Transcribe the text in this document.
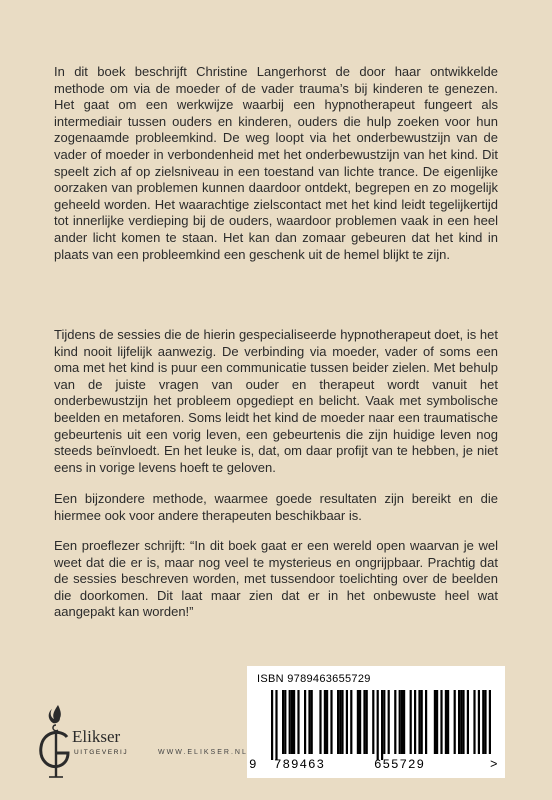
In dit boek beschrijft Christine Langerhorst de door haar ontwikkelde methode om via de moeder of de vader trauma’s bij kinderen te genezen. Het gaat om een werkwijze waarbij een hypnotherapeut fungeert als intermediair tussen ouders en kinderen, ouders die hulp zoeken voor hun zogenaamde probleemkind. De weg loopt via het onderbewustzijn van de vader of moeder in verbondenheid met het onderbewustzijn van het kind. Dit speelt zich af op zielsniveau in een toestand van lichte trance. De eigenlijke oorzaken van problemen kunnen daardoor ontdekt, begrepen en zo mogelijk geheeld worden. Het waarachtige zielscontact met het kind leidt tegelijkertijd tot innerlijke verdieping bij de ouders, waardoor problemen vaak in een heel ander licht komen te staan. Het kan dan zomaar gebeuren dat het kind in plaats van een probleemkind een geschenk uit de hemel blijkt te zijn.

Tijdens de sessies die de hierin gespecialiseerde hypnotherapeut doet, is het kind nooit lijfelijk aanwezig. De verbinding via moeder, vader of soms een oma met het kind is puur een communicatie tussen beider zielen. Met behulp van de juiste vragen van ouder en therapeut wordt vanuit het onderbewustzijn het probleem opgediept en belicht. Vaak met symbolische beelden en metaforen. Soms leidt het kind de moeder naar een traumatische gebeurtenis uit een vorig leven, een gebeurtenis die zijn huidige leven nog steeds beïnvloedt. En het leuke is, dat, om daar profijt van te hebben, je niet eens in vorige levens hoeft te geloven.

Een bijzondere methode, waarmee goede resultaten zijn bereikt en die hiermee ook voor andere therapeuten beschikbaar is.

Een proeflezer schrijft: “In dit boek gaat er een wereld open waarvan je wel weet dat die er is, maar nog veel te mysterieus en ongrijpbaar. Prachtig dat de sessies beschreven worden, met tussendoor toelichting over de beelden die doorkomen. Dit laat maar zien dat er in het onbewuste heel wat aangepakt kan worden!”

ISBN 9789463655729
9 789463	655729	>
Elikser
UITGEVERIJ	WWW.ELIKSER.NL
